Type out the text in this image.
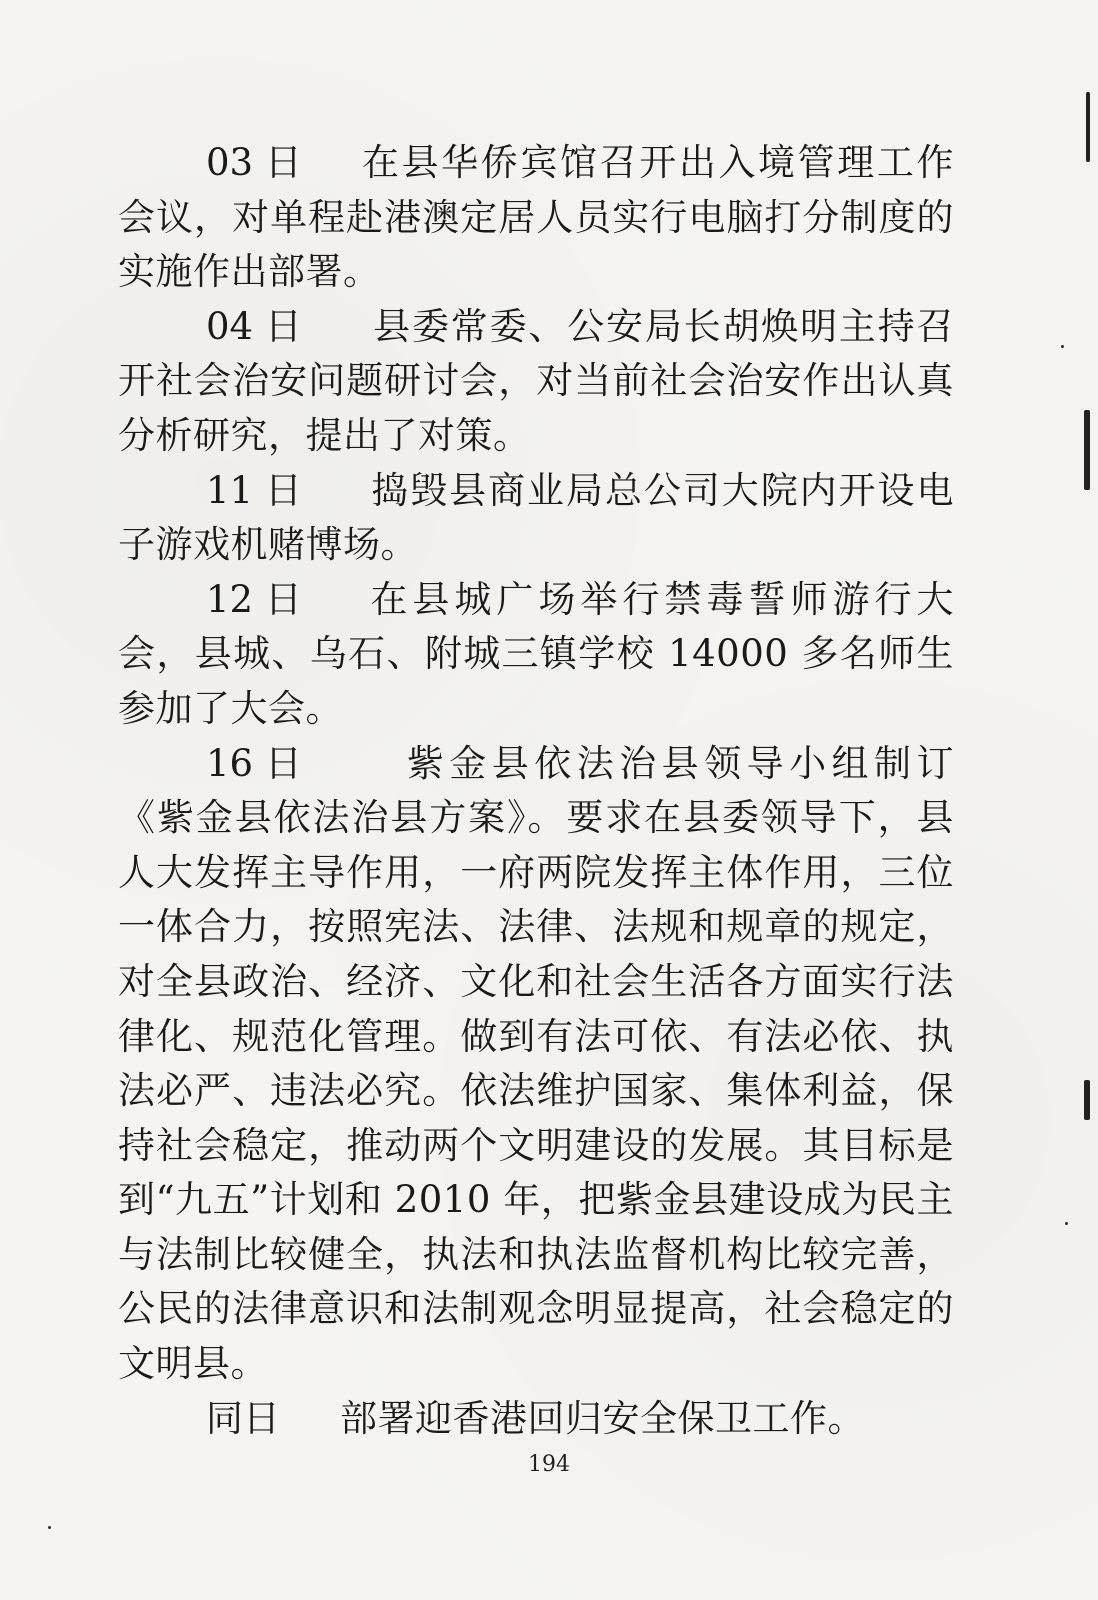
03 日 在县华侨宾馆召开出入境管理工作会议，对单程赴港澳定居人员实行电脑打分制度的实施作出部署。

04 日 县委常委、公安局长胡焕明主持召开社会治安问题研讨会，对当前社会治安作出认真分析研究，提出了对策。

11 日 捣毁县商业局总公司大院内开设电子游戏机赌博场。

12 日 在县城广场举行禁毒誓师游行大会，县城、乌石、附城三镇学校 14000 多名师生参加了大会。

16 日	紫金县依法治县领导小组制订《紫金县依法治县方案》。要求在县委领导下，县人大发挥主导作用，一府两院发挥主体作用，三位一体合力，按照宪法、法律、法规和规章的规定，对全县政治、经济、文化和社会生活各方面实行法律化、规范化管理。做到有法可依、有法必依、执法必严、违法必究。依法维护国家、集体利益，保持社会稳定，推动两个文明建设的发展。其目标是到“九五”计划和 2010 年，把紫金县建设成为民主与法制比较健全，执法和执法监督机构比较完善，公民的法律意识和法制观念明显提高，社会稳定的文明县。

同日 部署迎香港回归安全保卫工作。

194
